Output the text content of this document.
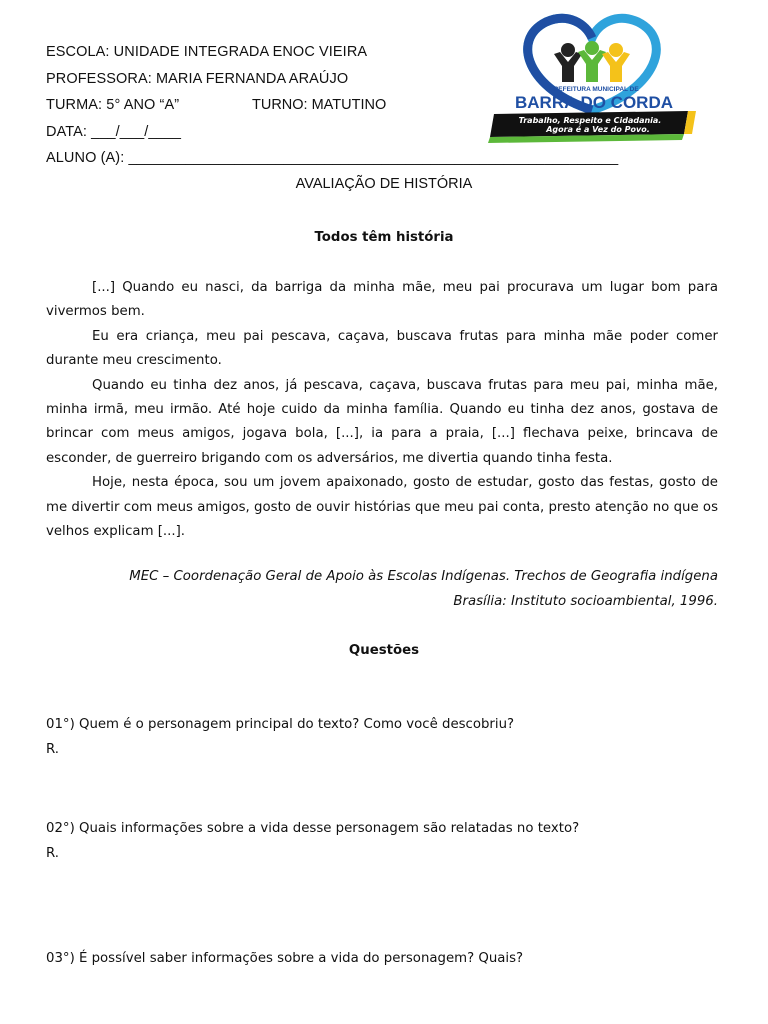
ESCOLA: UNIDADE INTEGRADA ENOC VIEIRA
PROFESSORA: MARIA FERNANDA ARAÚJO
TURMA: 5° ANO “A”	TURNO: MATUTINO
DATA: ___/___/____
ALUNO (A): ____________________________________________________________
PREFEITURA MUNICIPAL DE
BARRA DO CORDA
Trabalho, Respeito e Cidadania.
Agora é a Vez do Povo.
AVALIAÇÃO DE HISTÓRIA
Todos têm história

[...] Quando eu nasci, da barriga da minha mãe, meu pai procurava um lugar bom para vivermos bem.

Eu era criança, meu pai pescava, caçava, buscava frutas para minha mãe poder comer durante meu crescimento.

Quando eu tinha dez anos, já pescava, caçava, buscava frutas para meu pai, minha mãe, minha irmã, meu irmão. Até hoje cuido da minha família. Quando eu tinha dez anos, gostava de brincar com meus amigos, jogava bola, [...], ia para a praia, [...] flechava peixe, brincava de esconder, de guerreiro brigando com os adversários, me divertia quando tinha festa.

Hoje, nesta época, sou um jovem apaixonado, gosto de estudar, gosto das festas, gosto de me divertir com meus amigos, gosto de ouvir histórias que meu pai conta, presto atenção no que os velhos explicam [...].

MEC – Coordenação Geral de Apoio às Escolas Indígenas. Trechos de Geografia indígena
Brasília: Instituto socioambiental, 1996.
Questões
01°) Quem é o personagem principal do texto? Como você descobriu?
R.
02°) Quais informações sobre a vida desse personagem são relatadas no texto?
R.
03°) É possível saber informações sobre a vida do personagem? Quais?
